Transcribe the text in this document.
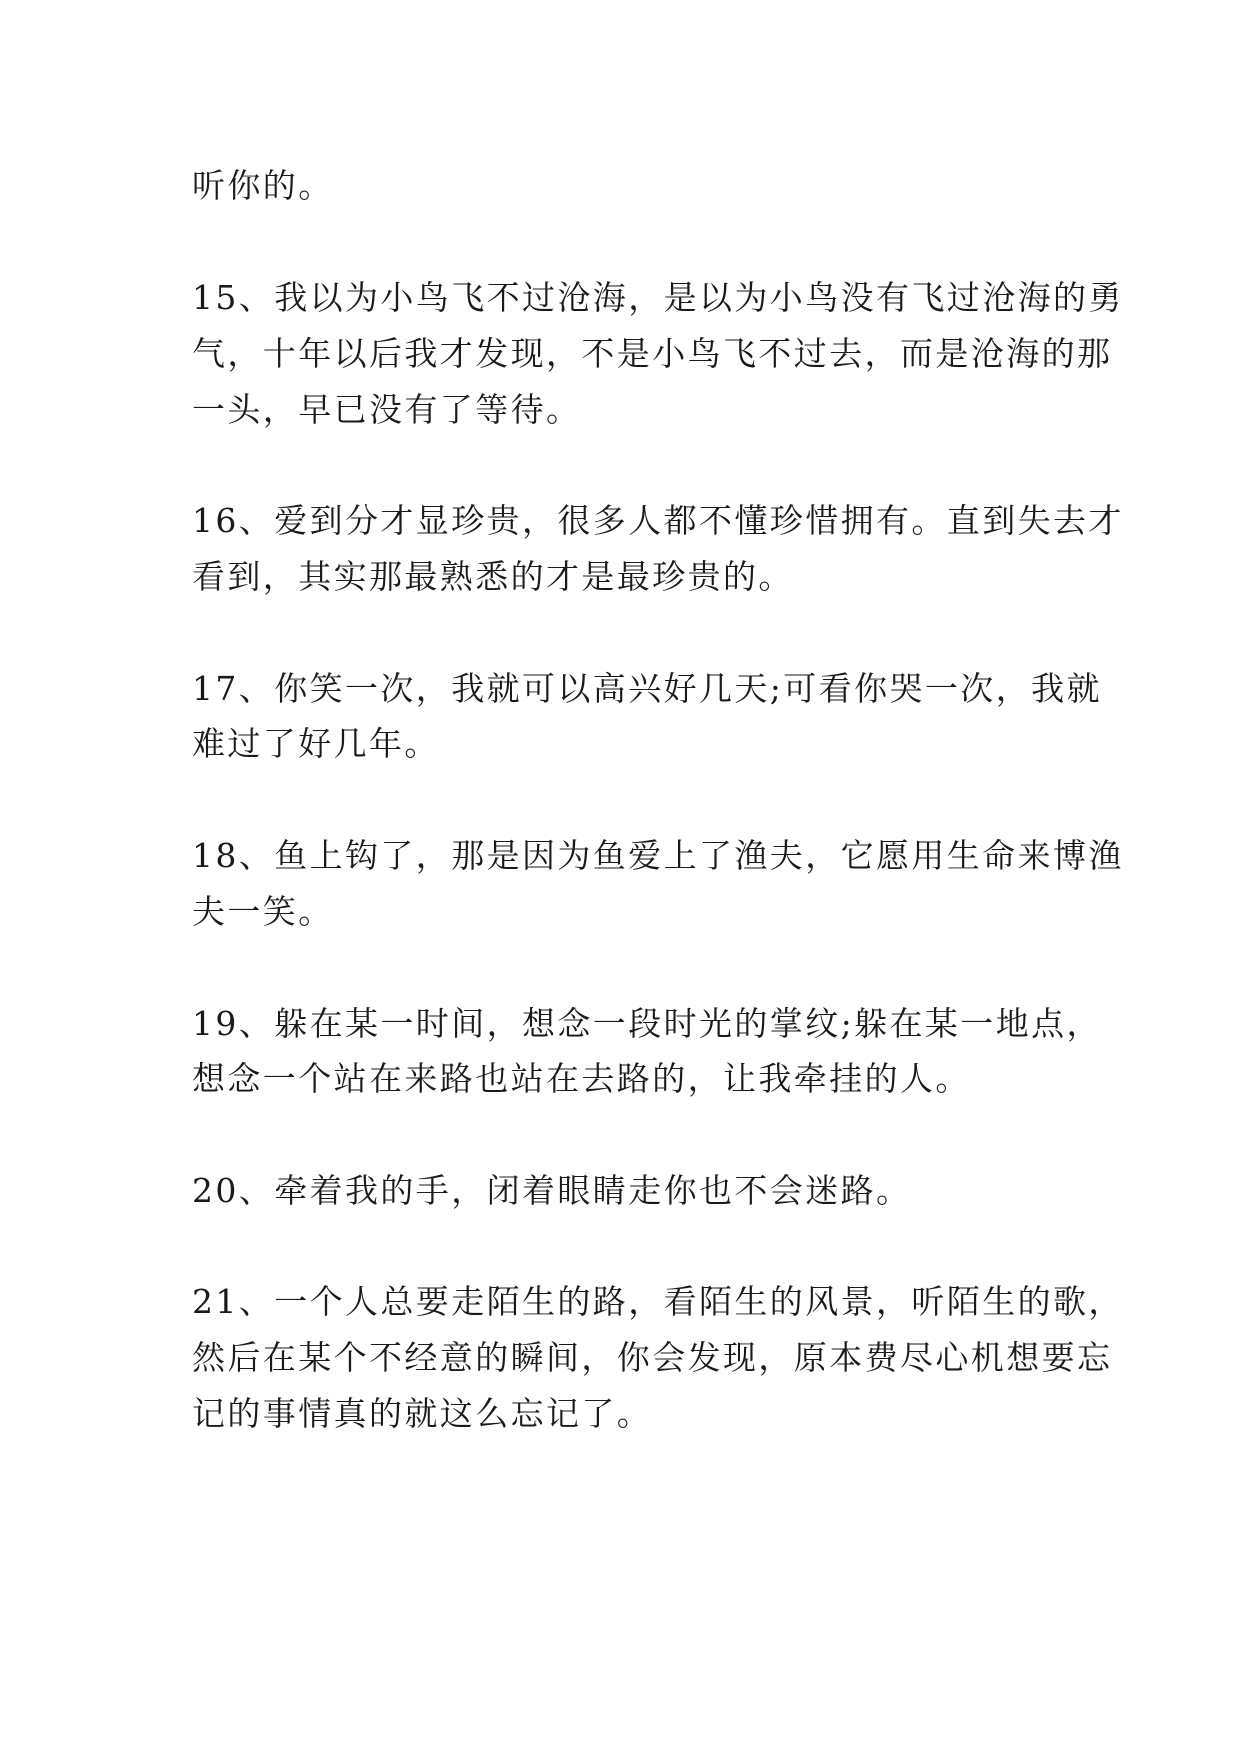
听你的。
15、我以为小鸟飞不过沧海，是以为小鸟没有飞过沧海的勇
气，十年以后我才发现，不是小鸟飞不过去，而是沧海的那
一头，早已没有了等待。
16、爱到分才显珍贵，很多人都不懂珍惜拥有。直到失去才
看到，其实那最熟悉的才是最珍贵的。
17、你笑一次，我就可以高兴好几天;可看你哭一次，我就
难过了好几年。
18、鱼上钩了，那是因为鱼爱上了渔夫，它愿用生命来博渔
夫一笑。
19、躲在某一时间，想念一段时光的掌纹;躲在某一地点，
想念一个站在来路也站在去路的，让我牵挂的人。
20、牵着我的手，闭着眼睛走你也不会迷路。
21、一个人总要走陌生的路，看陌生的风景，听陌生的歌，
然后在某个不经意的瞬间，你会发现，原本费尽心机想要忘
记的事情真的就这么忘记了。
